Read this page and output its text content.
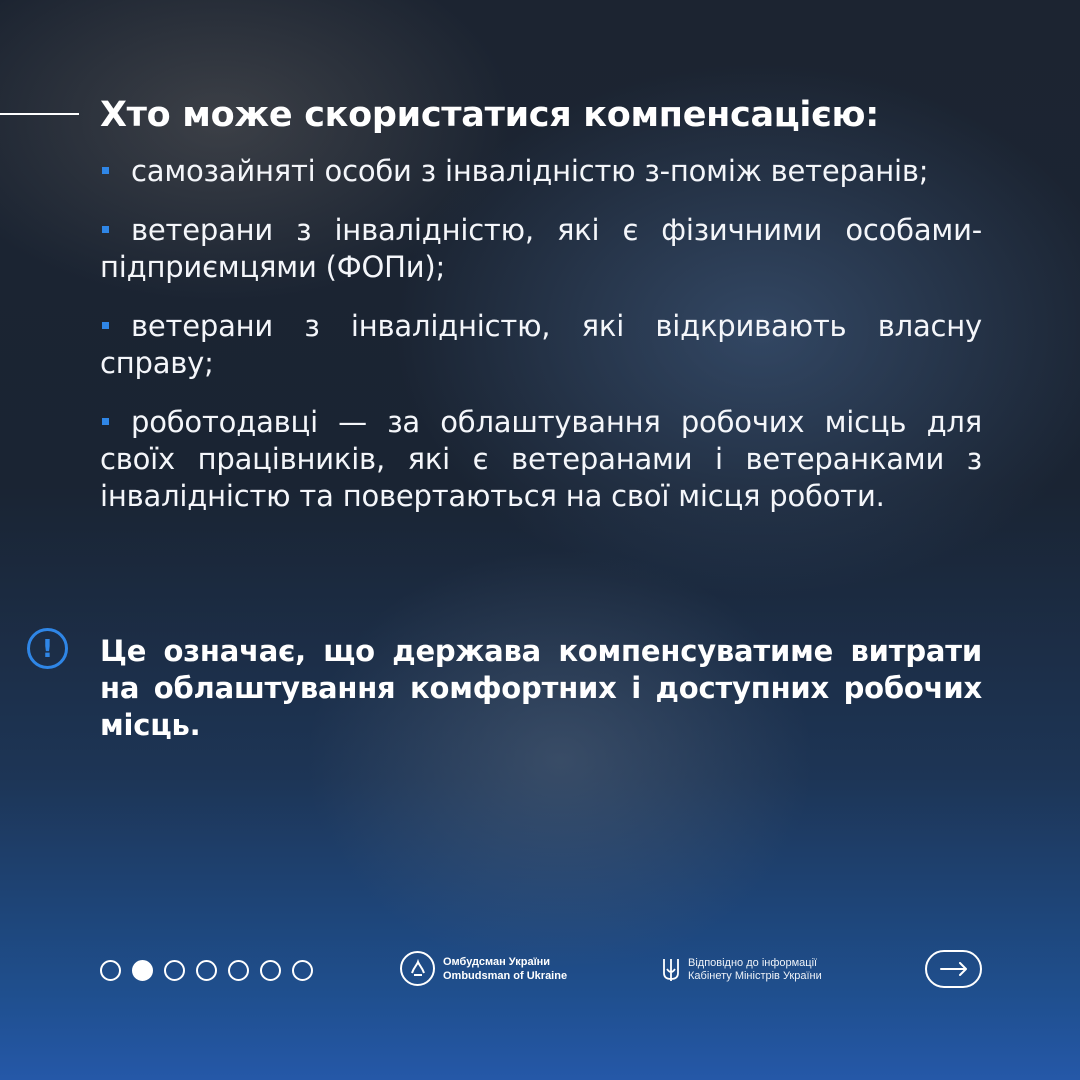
Хто може скористатися компенсацією:
самозайняті особи з інвалідністю з-поміж ветеранів;
ветерани з інвалідністю, які є фізичними особами-підприємцями (ФОПи);
ветерани з інвалідністю, які відкривають власну справу;
роботодавці — за облаштування робочих місць для своїх працівників, які є ветеранами і ветеранками з інвалідністю та повертаються на свої місця роботи.
!	Це означає, що держава компенсуватиме витрати на облаштування комфортних і доступних робочих місць.

Омбудсман України
Ombudsman of Ukraine
Відповідно до інформації
Кабінету Міністрів України
